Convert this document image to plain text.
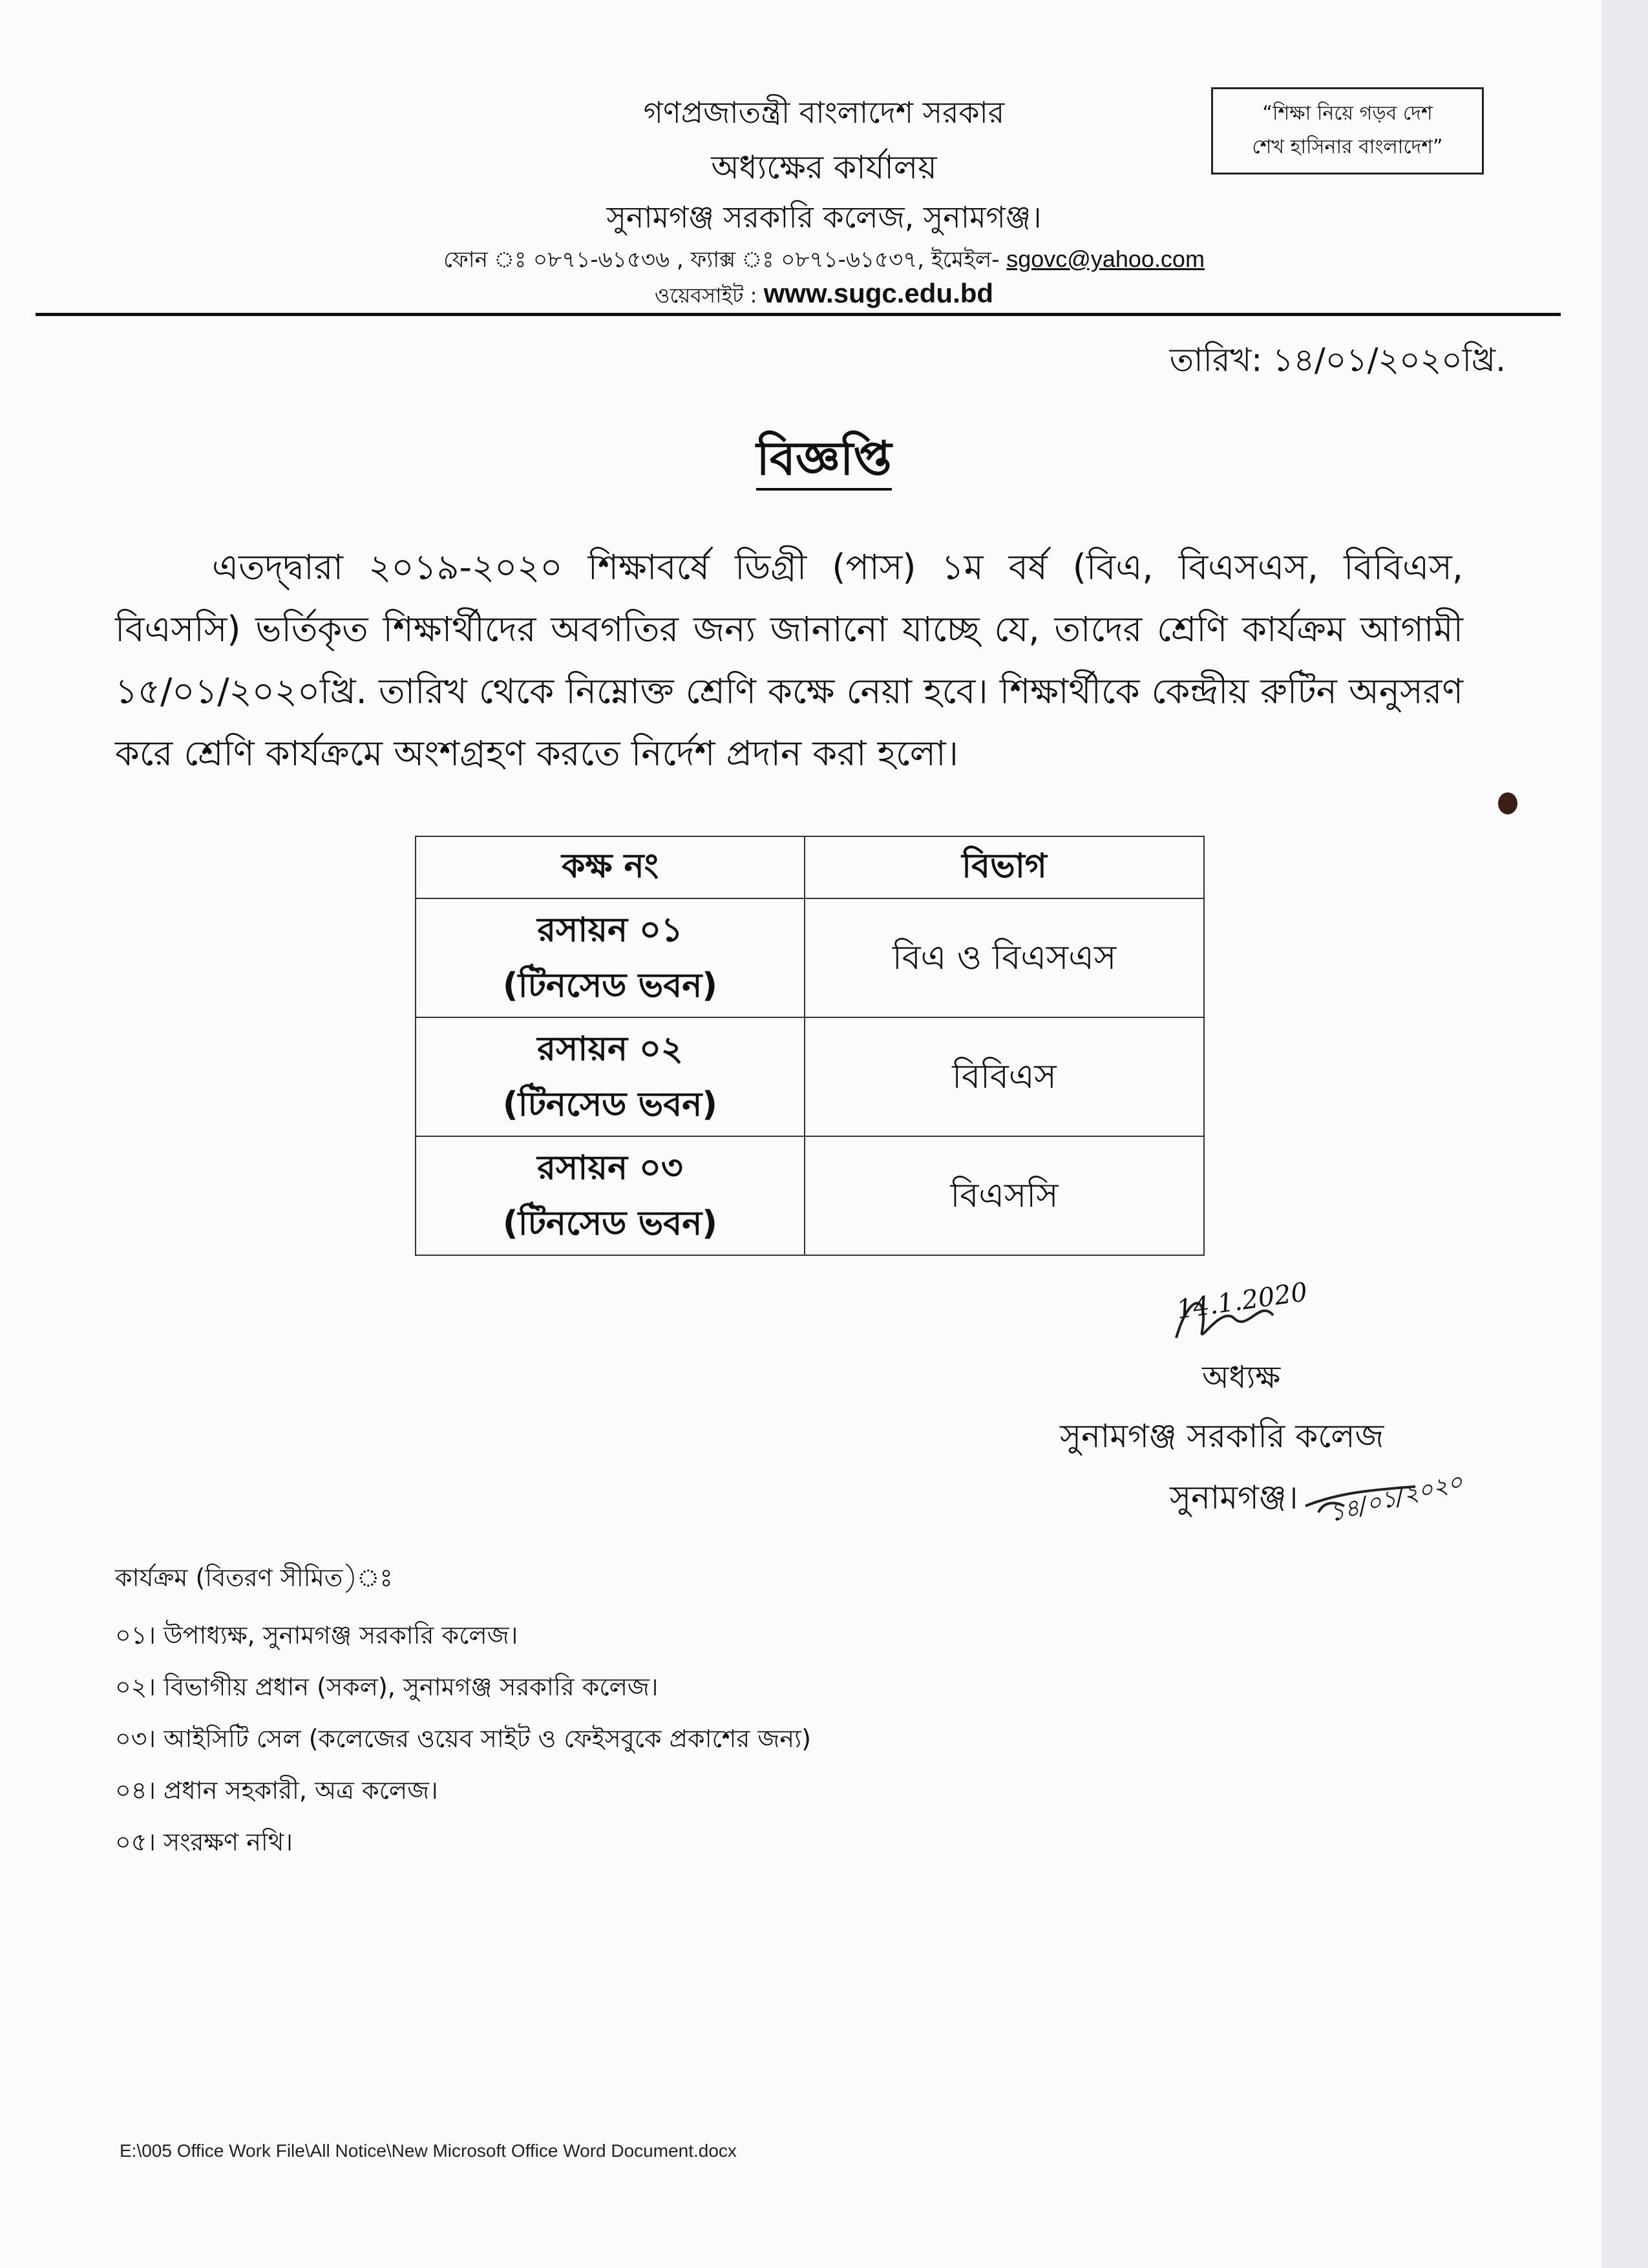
গণপ্রজাতন্ত্রী বাংলাদেশ সরকার
অধ্যক্ষের কার্যালয়
সুনামগঞ্জ সরকারি কলেজ, সুনামগঞ্জ।
ফোন ঃ ০৮৭১-৬১৫৩৬ , ফ্যাক্স ঃ ০৮৭১-৬১৫৩৭, ইমেইল- sgovc@yahoo.com
ওয়েবসাইট : www.sugc.edu.bd
“শিক্ষা নিয়ে গড়ব দেশ
শেখ হাসিনার বাংলাদেশ”
তারিখ: ১৪/০১/২০২০খ্রি.
বিজ্ঞপ্তি
এতদ্দ্বারা ২০১৯-২০২০ শিক্ষাবর্ষে ডিগ্রী (পাস) ১ম বর্ষ (বিএ, বিএসএস, বিবিএস, বিএসসি) ভর্তিকৃত শিক্ষার্থীদের অবগতির জন্য জানানো যাচ্ছে যে, তাদের শ্রেণি কার্যক্রম আগামী ১৫/০১/২০২০খ্রি. তারিখ থেকে নিম্নোক্ত শ্রেণি কক্ষে নেয়া হবে। শিক্ষার্থীকে কেন্দ্রীয় রুটিন অনুসরণ করে শ্রেণি কার্যক্রমে অংশগ্রহণ করতে নির্দেশ প্রদান করা হলো।
কক্ষ নং	বিভাগ

রসায়ন ০১
(টিনসেড ভবন)	বিএ ও বিএসএস

রসায়ন ০২
(টিনসেড ভবন)	বিবিএস

রসায়ন ০৩
(টিনসেড ভবন)	বিএসসি
14.1.2020
অধ্যক্ষ
সুনামগঞ্জ সরকারি কলেজ
সুনামগঞ্জ। ১৪/০১/২০২০
কার্যক্রম (বিতরণ সীমিত)ঃ
০১। উপাধ্যক্ষ, সুনামগঞ্জ সরকারি কলেজ।
০২। বিভাগীয় প্রধান (সকল), সুনামগঞ্জ সরকারি কলেজ।
০৩। আইসিটি সেল (কলেজের ওয়েব সাইট ও ফেইসবুকে প্রকাশের জন্য)
০৪। প্রধান সহকারী, অত্র কলেজ।
০৫। সংরক্ষণ নথি।
E:\005 Office Work File\All Notice\New Microsoft Office Word Document.docx
